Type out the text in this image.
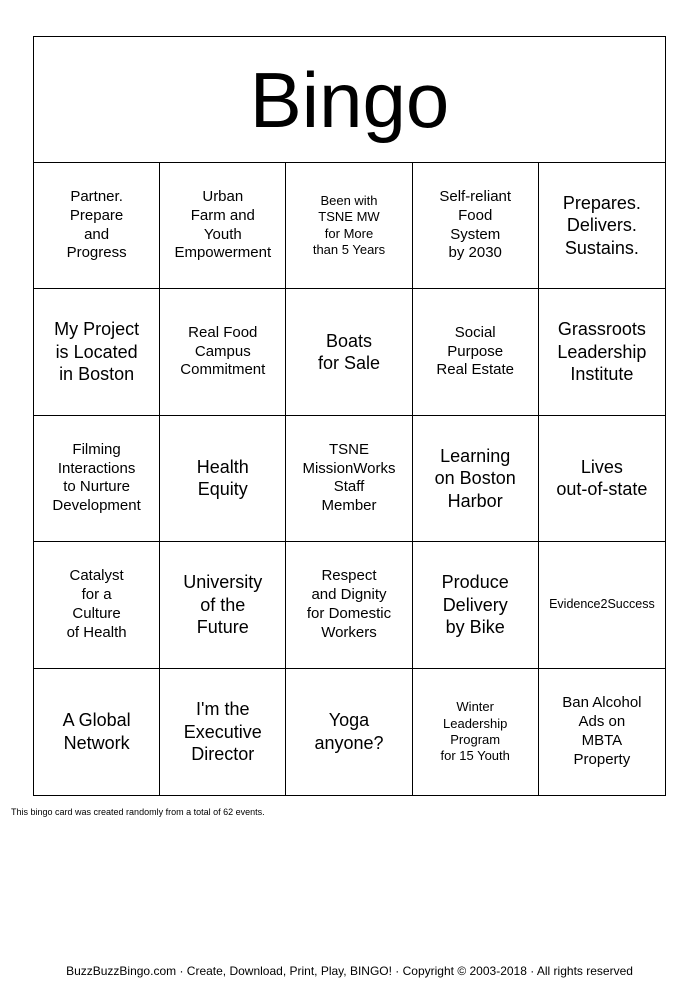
Bingo
Partner.
Prepare
and
Progress
Urban
Farm and
Youth
Empowerment
Been with
TSNE MW
for More
than 5 Years
Self-reliant
Food
System
by 2030
Prepares.
Delivers.
Sustains.
My Project
is Located
in Boston
Real Food
Campus
Commitment
Boats
for Sale
Social
Purpose
Real Estate
Grassroots
Leadership
Institute
Filming
Interactions
to Nurture
Development
Health
Equity
TSNE
MissionWorks
Staff
Member
Learning
on Boston
Harbor
Lives
out-of-state
Catalyst
for a
Culture
of Health
University
of the
Future
Respect
and Dignity
for Domestic
Workers
Produce
Delivery
by Bike
Evidence2Success
A Global
Network
I'm the
Executive
Director
Yoga
anyone?
Winter
Leadership
Program
for 15 Youth
Ban Alcohol
Ads on
MBTA
Property
This bingo card was created randomly from a total of 62 events.
BuzzBuzzBingo.com · Create, Download, Print, Play, BINGO! · Copyright © 2003-2018 · All rights reserved
